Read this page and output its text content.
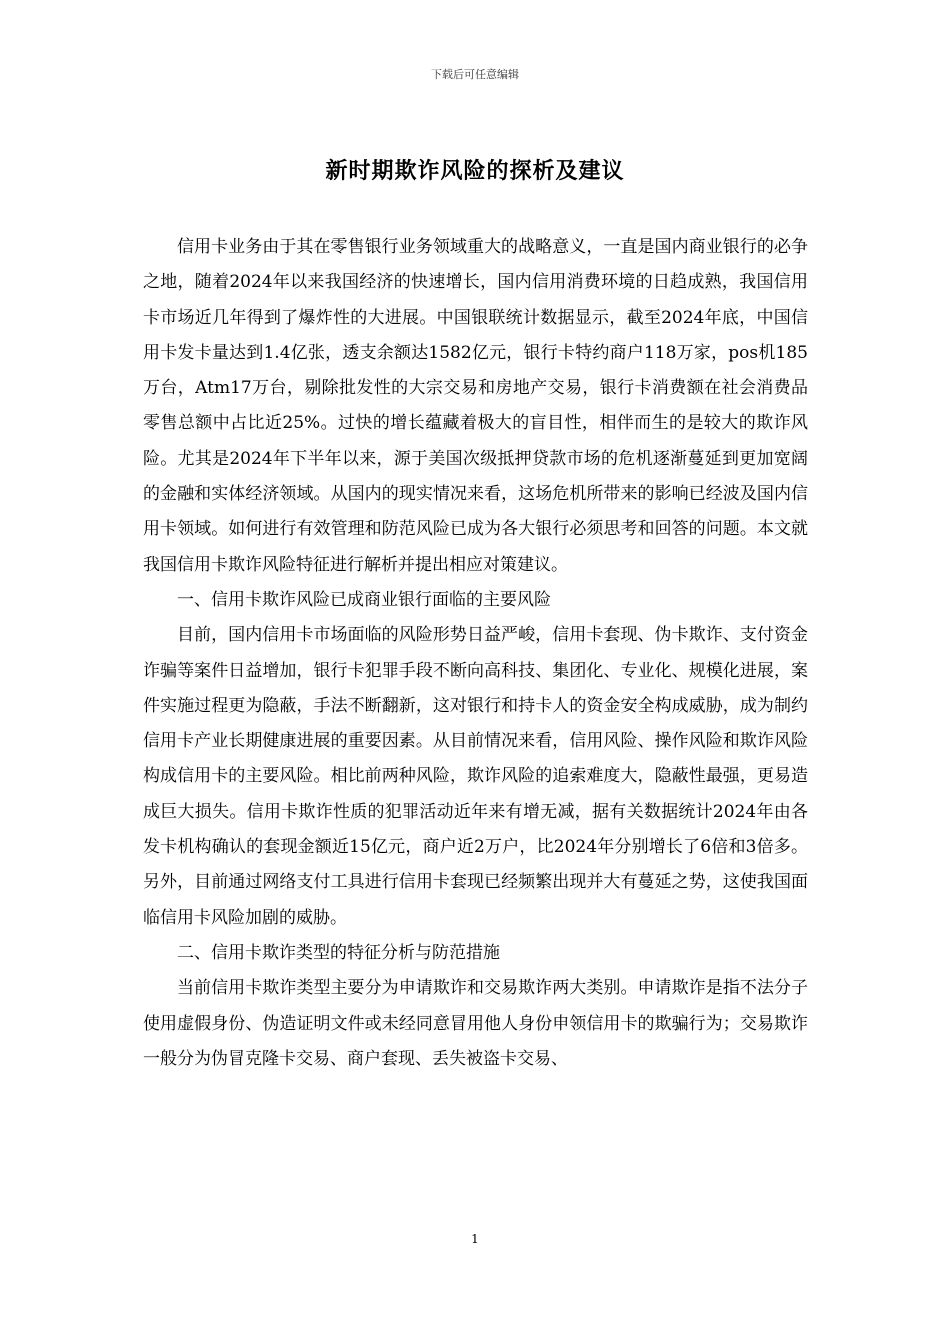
下载后可任意编辑
新时期欺诈风险的探析及建议

信用卡业务由于其在零售银行业务领域重大的战略意义，一直是国内商业银行的必争之地，随着2024年以来我国经济的快速增长，国内信用消费环境的日趋成熟，我国信用卡市场近几年得到了爆炸性的大进展。中国银联统计数据显示，截至2024年底，中国信用卡发卡量达到1.4亿张，透支余额达1582亿元，银行卡特约商户118万家，pos机185万台，Atm17万台，剔除批发性的大宗交易和房地产交易，银行卡消费额在社会消费品零售总额中占比近25%。过快的增长蕴藏着极大的盲目性，相伴而生的是较大的欺诈风险。尤其是2024年下半年以来，源于美国次级抵押贷款市场的危机逐渐蔓延到更加宽阔的金融和实体经济领域。从国内的现实情况来看，这场危机所带来的影响已经波及国内信用卡领域。如何进行有效管理和防范风险已成为各大银行必须思考和回答的问题。本文就我国信用卡欺诈风险特征进行解析并提出相应对策建议。

一、信用卡欺诈风险已成商业银行面临的主要风险

目前，国内信用卡市场面临的风险形势日益严峻，信用卡套现、伪卡欺诈、支付资金诈骗等案件日益增加，银行卡犯罪手段不断向高科技、集团化、专业化、规模化进展，案件实施过程更为隐蔽，手法不断翻新，这对银行和持卡人的资金安全构成威胁，成为制约信用卡产业长期健康进展的重要因素。从目前情况来看，信用风险、操作风险和欺诈风险构成信用卡的主要风险。相比前两种风险，欺诈风险的追索难度大，隐蔽性最强，更易造成巨大损失。信用卡欺诈性质的犯罪活动近年来有增无减，据有关数据统计2024年由各发卡机构确认的套现金额近15亿元，商户近2万户，比2024年分别增长了6倍和3倍多。另外，目前通过网络支付工具进行信用卡套现已经频繁出现并大有蔓延之势，这使我国面临信用卡风险加剧的威胁。

二、信用卡欺诈类型的特征分析与防范措施

当前信用卡欺诈类型主要分为申请欺诈和交易欺诈两大类别。申请欺诈是指不法分子使用虚假身份、伪造证明文件或未经同意冒用他人身份申领信用卡的欺骗行为；交易欺诈一般分为伪冒克隆卡交易、商户套现、丢失被盗卡交易、

1
